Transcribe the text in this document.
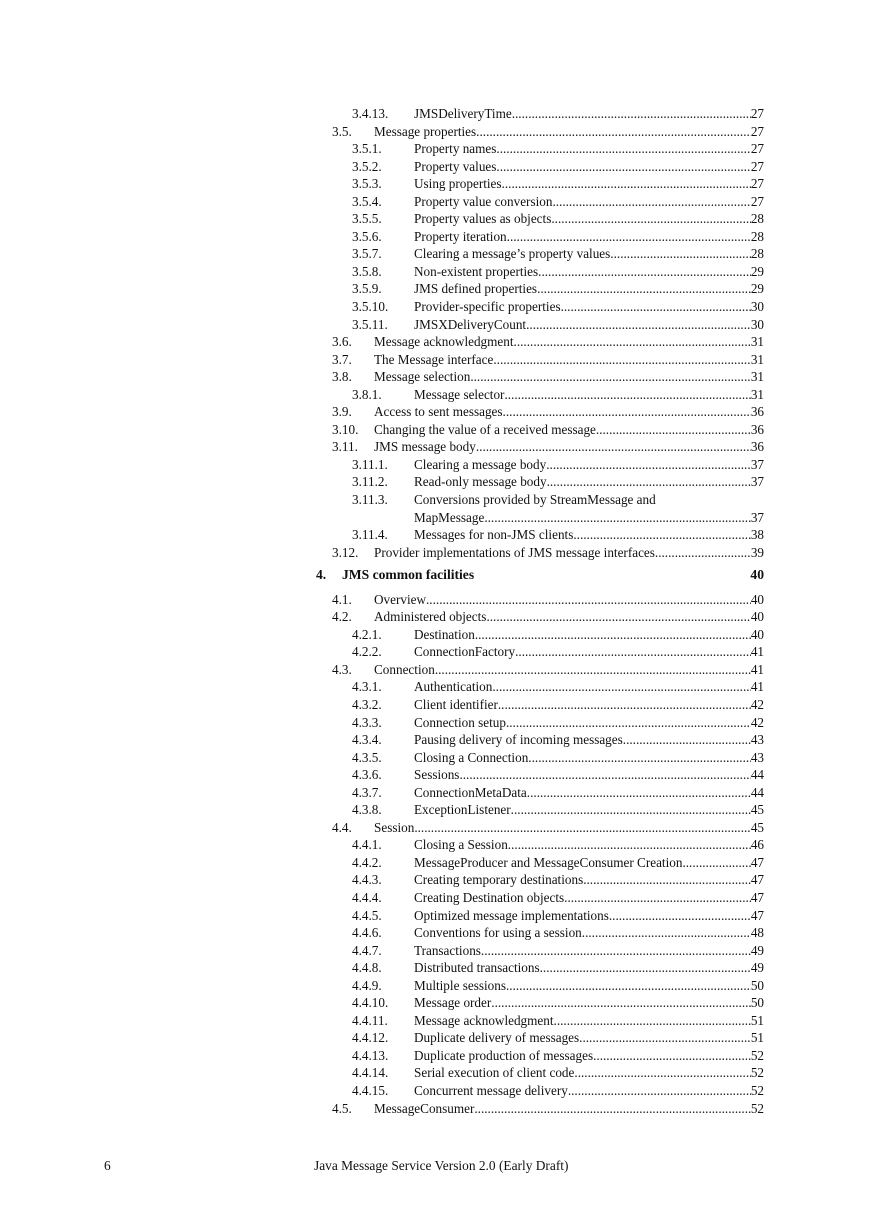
3.4.13.	JMSDeliveryTime .....	27
3.5.	Message properties .....	27
3.5.1.	Property names .....	27
3.5.2.	Property values .....	27
3.5.3.	Using properties .....	27
3.5.4.	Property value conversion .....	27
3.5.5.	Property values as objects .....	28
3.5.6.	Property iteration .....	28
3.5.7.	Clearing a message’s property values .....	28
3.5.8.	Non-existent properties .....	29
3.5.9.	JMS defined properties .....	29
3.5.10.	Provider-specific properties .....	30
3.5.11.	JMSXDeliveryCount .....	30
3.6.	Message acknowledgment .....	31
3.7.	The Message interface .....	31
3.8.	Message selection .....	31
3.8.1.	Message selector .....	31
3.9.	Access to sent messages .....	36
3.10.	Changing the value of a received message .....	36
3.11.	JMS message body .....	36
3.11.1.	Clearing a message body .....	37
3.11.2.	Read-only message body .....	37
3.11.3.	Conversions provided by StreamMessage and
MapMessage .....	37
3.11.4.	Messages for non-JMS clients .....	38
3.12.	Provider implementations of JMS message interfaces .....	39
4. JMS common facilities	40
4.1.	Overview .....	40
4.2.	Administered objects .....	40
4.2.1.	Destination .....	40
4.2.2.	ConnectionFactory .....	41
4.3.	Connection .....	41
4.3.1.	Authentication .....	41
4.3.2.	Client identifier .....	42
4.3.3.	Connection setup .....	42
4.3.4.	Pausing delivery of incoming messages .....	43
4.3.5.	Closing a Connection .....	43
4.3.6.	Sessions .....	44
4.3.7.	ConnectionMetaData .....	44
4.3.8.	ExceptionListener .....	45
4.4.	Session .....	45
4.4.1.	Closing a Session .....	46
4.4.2.	MessageProducer and MessageConsumer Creation .....	47
4.4.3.	Creating temporary destinations .....	47
4.4.4.	Creating Destination objects .....	47
4.4.5.	Optimized message implementations .....	47
4.4.6.	Conventions for using a session .....	48
4.4.7.	Transactions .....	49
4.4.8.	Distributed transactions .....	49
4.4.9.	Multiple sessions .....	50
4.4.10.	Message order .....	50
4.4.11.	Message acknowledgment .....	51
4.4.12.	Duplicate delivery of messages .....	51
4.4.13.	Duplicate production of messages .....	52
4.4.14.	Serial execution of client code .....	52
4.4.15.	Concurrent message delivery .....	52
4.5.	MessageConsumer .....	52
6	Java Message Service Version 2.0 (Early Draft)
